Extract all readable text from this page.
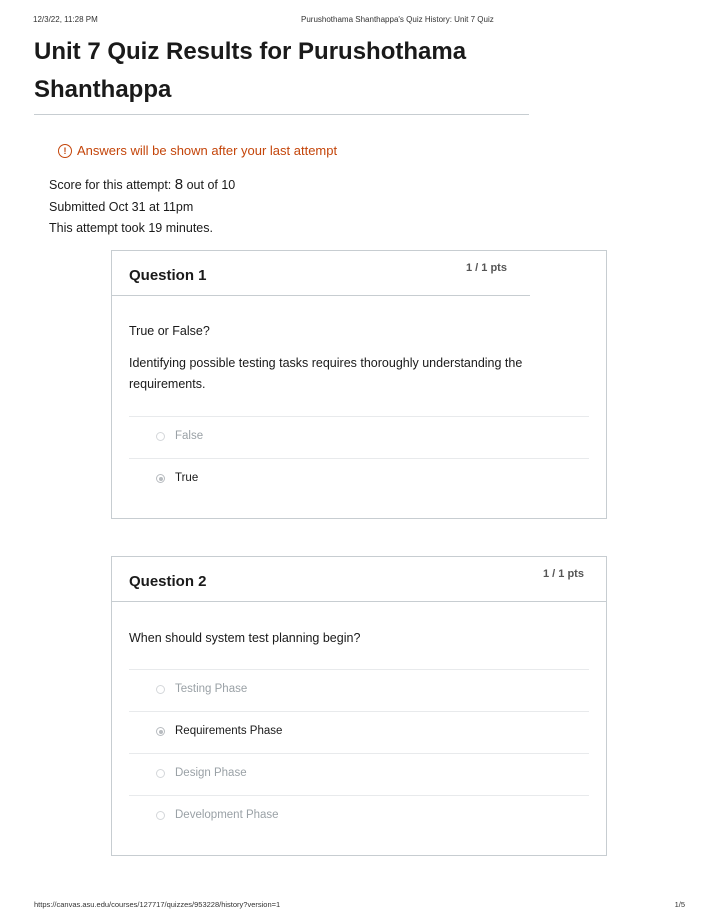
12/3/22, 11:28 PM	Purushothama Shanthappa's Quiz History: Unit 7 Quiz
Unit 7 Quiz Results for Purushothama Shanthappa
! Answers will be shown after your last attempt
Score for this attempt: 8 out of 10
Submitted Oct 31 at 11pm
This attempt took 19 minutes.
Question 1	1 / 1 pts

True or False?

Identifying possible testing tasks requires thoroughly understanding the requirements.

False
True
Question 2	1 / 1 pts

When should system test planning begin?

Testing Phase
Requirements Phase
Design Phase
Development Phase
https://canvas.asu.edu/courses/127717/quizzes/953228/history?version=1	1/5
